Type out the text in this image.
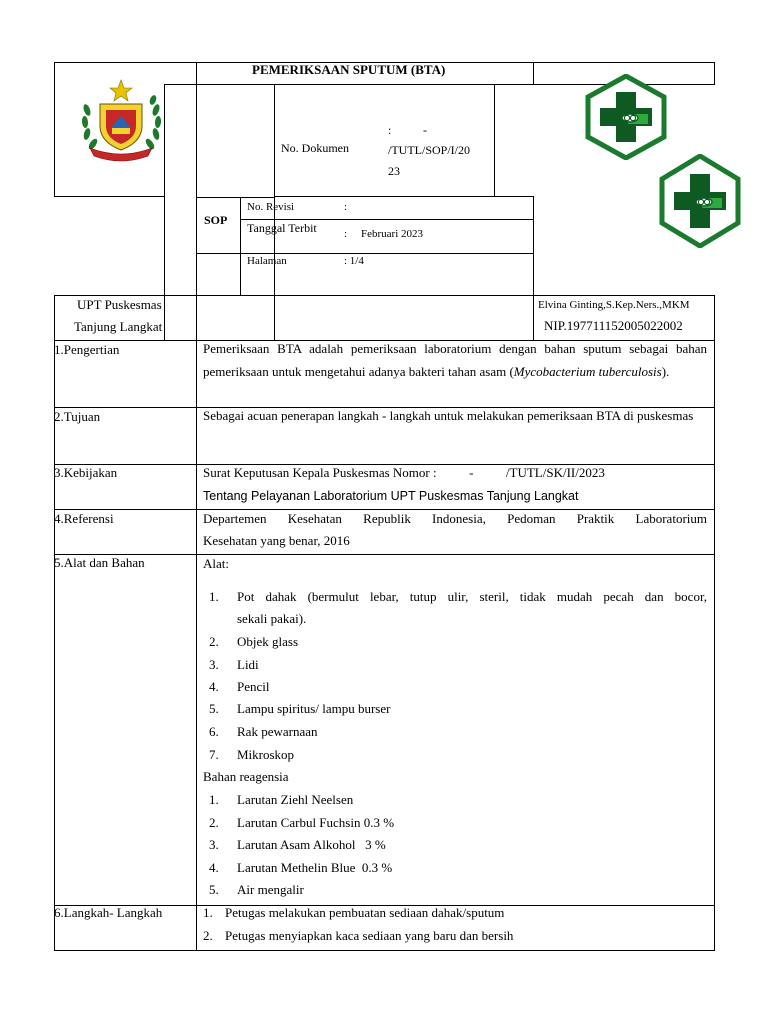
PEMERIKSAAN SPUTUM (BTA)
SOP
No. Dokumen
:	-
/TUTL/SOP/I/20
23
No. Revisi	:
Tanggal Terbit : Februari 2023
Halaman	: 1/4
UPT Puskesmas
Tanjung Langkat
Elvina Ginting,S.Kep.Ners.,MKM
NIP.197711152005022002
1.Pengertian	Pemeriksaan BTA adalah pemeriksaan laboratorium dengan bahan sputum sebagai bahan pemeriksaan untuk mengetahui adanya bakteri tahan asam (Mycobacterium tuberculosis).
2.Tujuan	Sebagai acuan penerapan langkah - langkah untuk melakukan pemeriksaan BTA di puskesmas
3.Kebijakan	Surat Keputusan Kepala Puskesmas Nomor :          -          /TUTL/SK/II/2023
Tentang Pelayanan Laboratorium UPT Puskesmas Tanjung Langkat
4.Referensi	Departemen Kesehatan Republik Indonesia, Pedoman Praktik Laboratorium
Kesehatan yang benar, 2016
5.Alat dan Bahan	Alat:
1. Pot dahak (bermulut lebar, tutup ulir, steril, tidak mudah pecah dan bocor,
sekali pakai).
2. Objek glass
3. Lidi
4. Pencil
5. Lampu spiritus/ lampu burser
6. Rak pewarnaan
7. Mikroskop
Bahan reagensia
1. Larutan Ziehl Neelsen
2. Larutan Carbul Fuchsin 0.3 %
3. Larutan Asam Alkohol   3 %
4. Larutan Methelin Blue  0.3 %
5. Air mengalir
6.Langkah- Langkah	1. Petugas melakukan pembuatan sediaan dahak/sputum
2. Petugas menyiapkan kaca sediaan yang baru dan bersih
